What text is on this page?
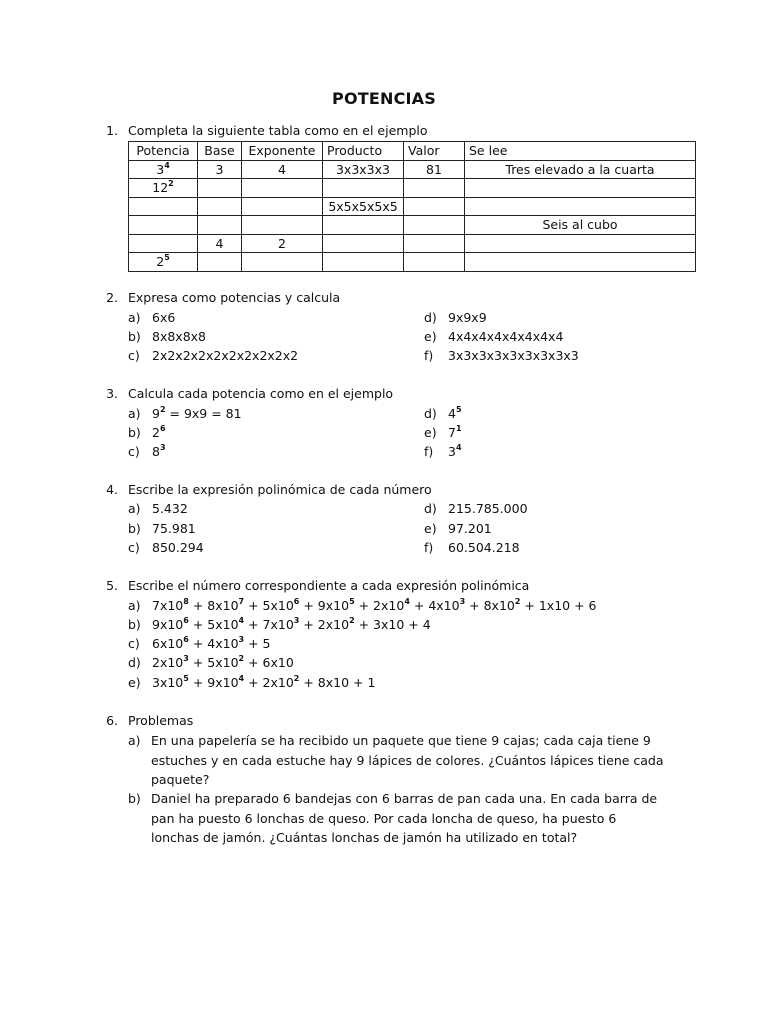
POTENCIAS
1. Completa la siguiente tabla como en el ejemplo
Potencia	Base	Exponente	Producto	Valor	Se lee
$3^4$	3	4	3x3x3x3	81	Tres elevado a la cuarta
$12^2$					
			5x5x5x5x5		
					Seis al cubo
	4	2			
$2^5$					
2. Expresa como potencias y calcula
a) 6x6
b) 8x8x8x8
c) 2x2x2x2x2x2x2x2x2x2
d) 9x9x9
e) 4x4x4x4x4x4x4x4
f) 3x3x3x3x3x3x3x3x3
3. Calcula cada potencia como en el ejemplo
a) $9^2 = 9x9 = 81$
b) $2^6$
c) $8^3$
d) $4^5$
e) $7^1$
f) $3^4$
4. Escribe la expresión polinómica de cada número
a) 5.432
b) 75.981
c) 850.294
d) 215.785.000
e) 97.201
f) 60.504.218
5. Escribe el número correspondiente a cada expresión polinómica
a) $7x10^8 + 8x10^7 + 5x10^6 + 9x10^5 + 2x10^4 + 4x10^3 + 8x10^2 + 1x10 + 6$
b) $9x10^6 + 5x10^4 + 7x10^3 + 2x10^2 + 3x10 + 4$
c) $6x10^6 + 4x10^3 + 5$
d) $2x10^3 + 5x10^2 + 6x10$
e) $3x10^5 + 9x10^4 + 2x10^2 + 8x10 + 1$
6. Problemas
a) En una papelería se ha recibido un paquete que tiene 9 cajas; cada caja tiene 9 estuches y en cada estuche hay 9 lápices de colores. ¿Cuántos lápices tiene cada paquete?
b) Daniel ha preparado 6 bandejas con 6 barras de pan cada una. En cada barra de pan ha puesto 6 lonchas de queso. Por cada loncha de queso, ha puesto 6 lonchas de jamón. ¿Cuántas lonchas de jamón ha utilizado en total?
